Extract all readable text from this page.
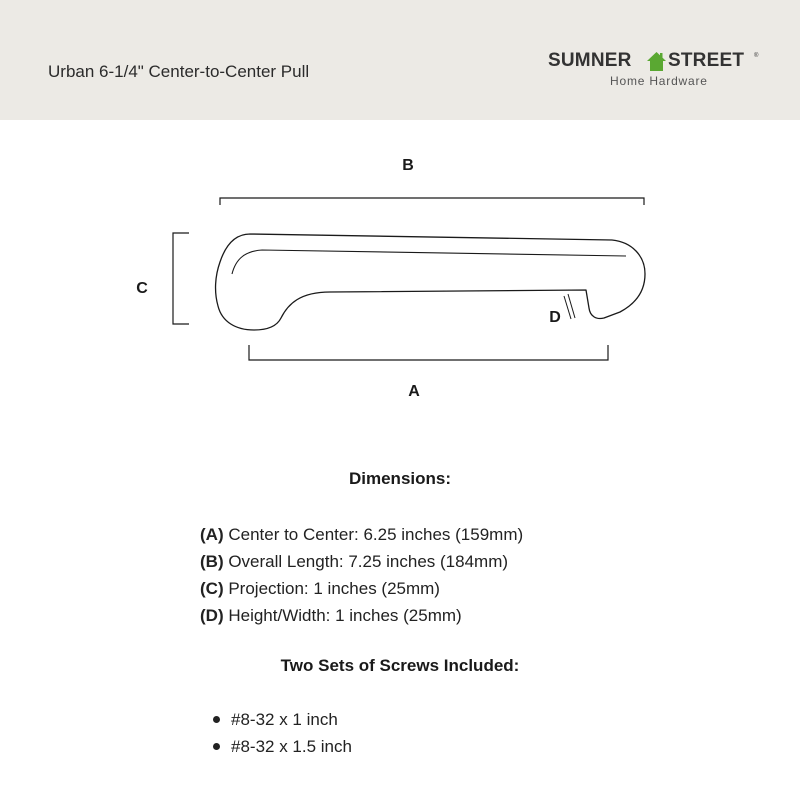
Urban 6-1/4" Center-to-Center Pull
SUMNER STREET ®
Home Hardware
B
C
A
D
Dimensions:
(A) Center to Center: 6.25 inches (159mm)
(B) Overall Length: 7.25 inches (184mm)
(C) Projection: 1 inches (25mm)
(D) Height/Width: 1 inches (25mm)
Two Sets of Screws Included:
#8-32 x 1 inch
#8-32 x 1.5 inch
